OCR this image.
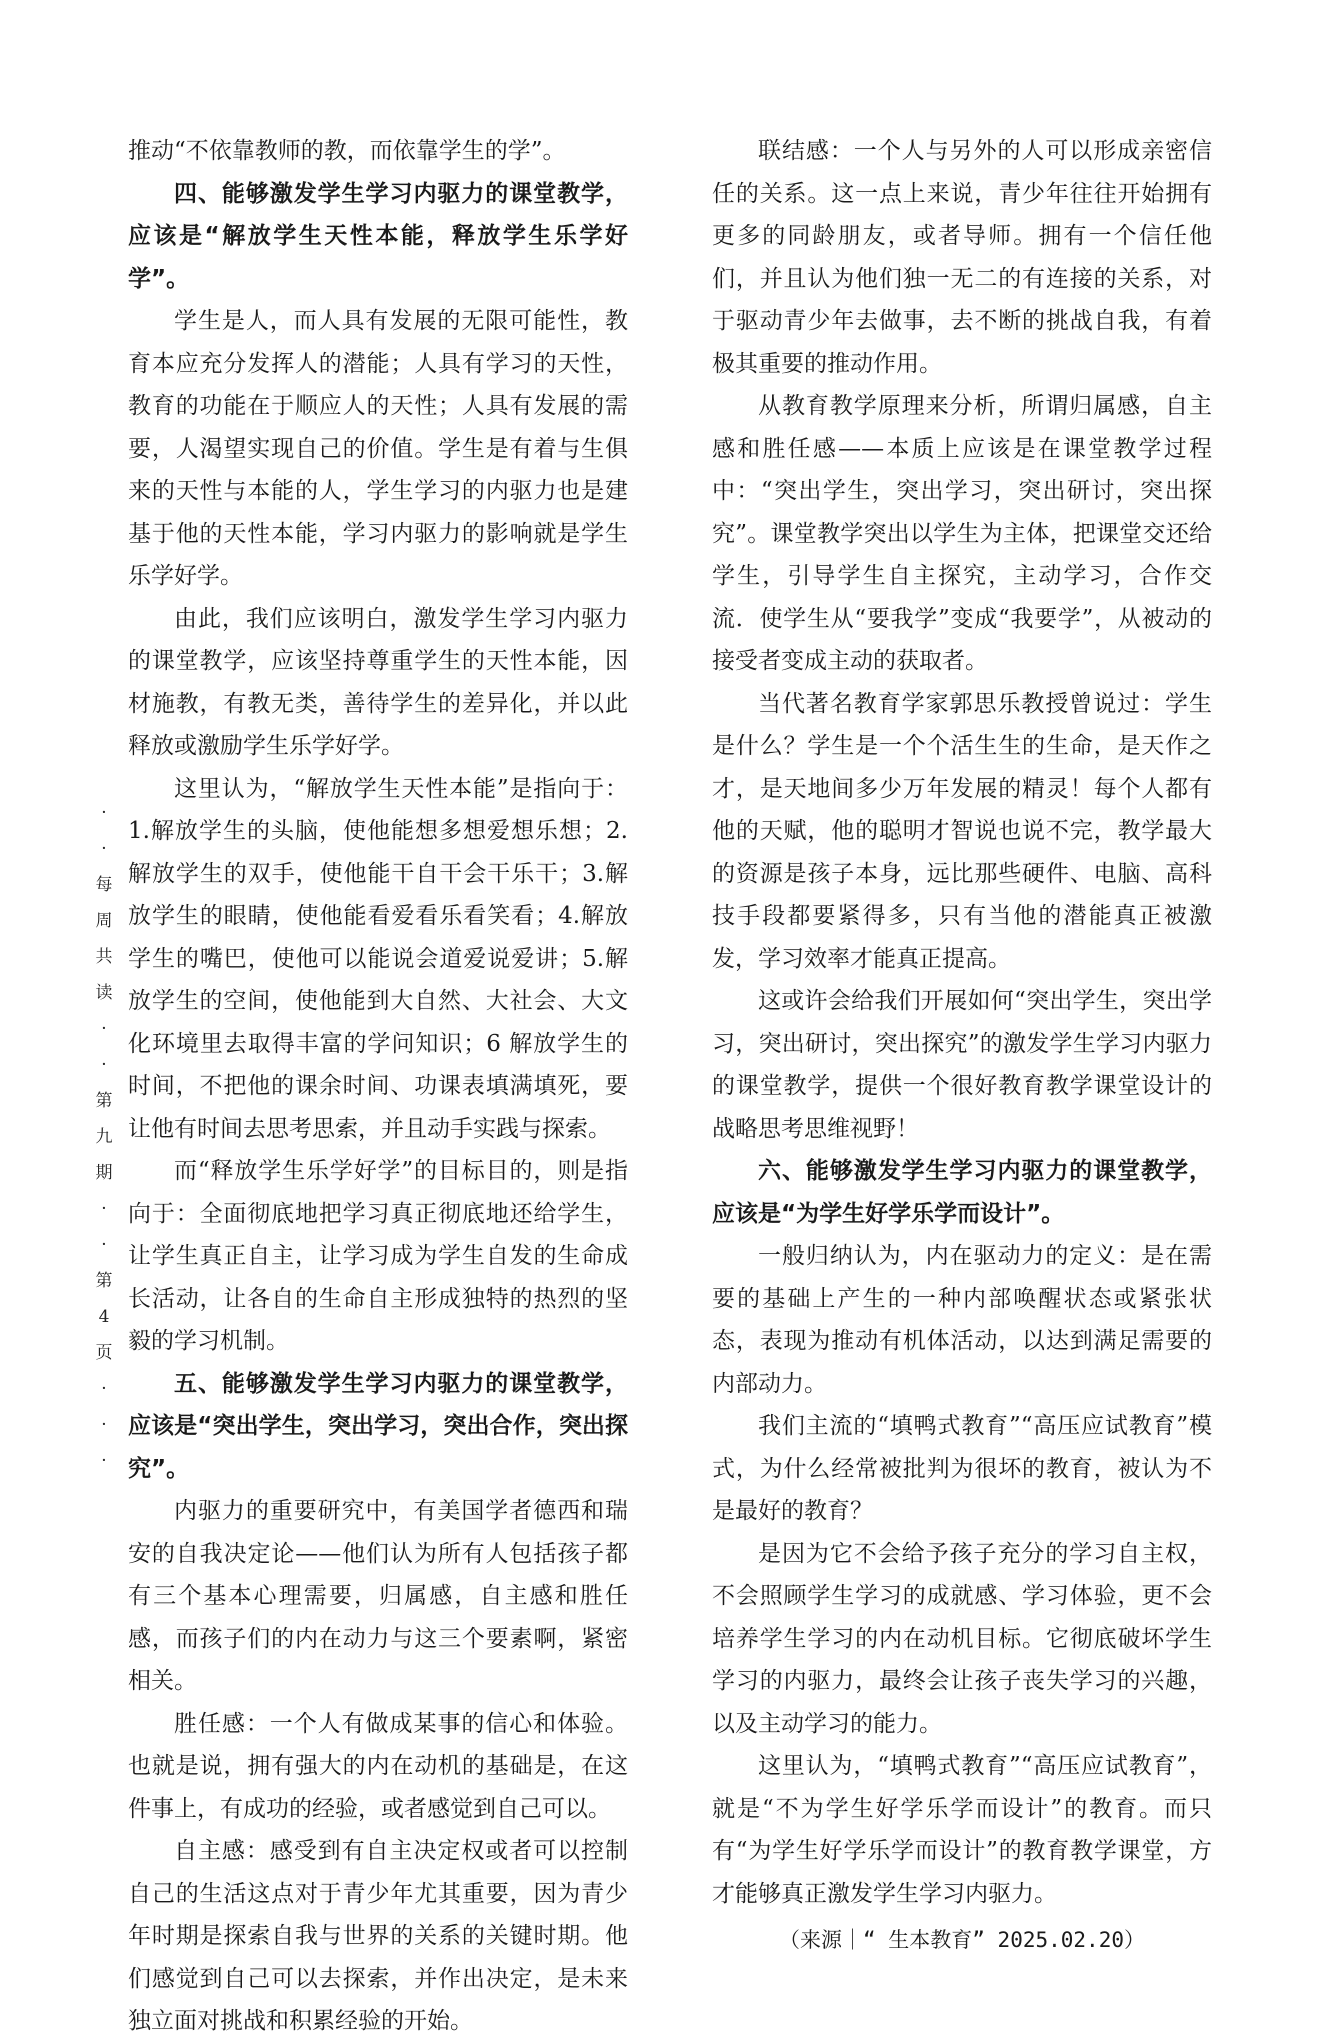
推动“不依靠教师的教，而依靠学生的学”。

四、能够激发学生学习内驱力的课堂教学，应该是“解放学生天性本能，释放学生乐学好学”。

学生是人，而人具有发展的无限可能性，教育本应充分发挥人的潜能；人具有学习的天性，教育的功能在于顺应人的天性；人具有发展的需要，人渴望实现自己的价值。学生是有着与生俱来的天性与本能的人，学生学习的内驱力也是建基于他的天性本能，学习内驱力的影响就是学生乐学好学。

由此，我们应该明白，激发学生学习内驱力的课堂教学，应该坚持尊重学生的天性本能，因材施教，有教无类，善待学生的差异化，并以此释放或激励学生乐学好学。

这里认为，“解放学生天性本能”是指向于：1.解放学生的头脑，使他能想多想爱想乐想；2.解放学生的双手，使他能干自干会干乐干；3.解放学生的眼睛，使他能看爱看乐看笑看；4.解放学生的嘴巴，使他可以能说会道爱说爱讲；5.解放学生的空间，使他能到大自然、大社会、大文化环境里去取得丰富的学问知识；6 解放学生的时间，不把他的课余时间、功课表填满填死，要让他有时间去思考思索，并且动手实践与探索。

而“释放学生乐学好学”的目标目的，则是指向于：全面彻底地把学习真正彻底地还给学生，让学生真正自主，让学习成为学生自发的生命成长活动，让各自的生命自主形成独特的热烈的坚毅的学习机制。

五、能够激发学生学习内驱力的课堂教学，应该是“突出学生，突出学习，突出合作，突出探究”。

内驱力的重要研究中，有美国学者德西和瑞安的自我决定论——他们认为所有人包括孩子都有三个基本心理需要，归属感，自主感和胜任感，而孩子们的内在动力与这三个要素啊，紧密相关。

胜任感：一个人有做成某事的信心和体验。也就是说，拥有强大的内在动机的基础是，在这件事上，有成功的经验，或者感觉到自己可以。

自主感：感受到有自主决定权或者可以控制自己的生活这点对于青少年尤其重要，因为青少年时期是探索自我与世界的关系的关键时期。他们感觉到自己可以去探索，并作出决定，是未来独立面对挑战和积累经验的开始。

联结感：一个人与另外的人可以形成亲密信任的关系。这一点上来说，青少年往往开始拥有更多的同龄朋友，或者导师。拥有一个信任他们，并且认为他们独一无二的有连接的关系，对于驱动青少年去做事，去不断的挑战自我，有着极其重要的推动作用。

从教育教学原理来分析，所谓归属感，自主感和胜任感——本质上应该是在课堂教学过程中：“突出学生，突出学习，突出研讨，突出探究”。课堂教学突出以学生为主体，把课堂交还给学生，引导学生自主探究，主动学习，合作交流．使学生从“要我学”变成“我要学”，从被动的接受者变成主动的获取者。

当代著名教育学家郭思乐教授曾说过：学生是什么？学生是一个个活生生的生命，是天作之才，是天地间多少万年发展的精灵！每个人都有他的天赋，他的聪明才智说也说不完，教学最大的资源是孩子本身，远比那些硬件、电脑、高科技手段都要紧得多，只有当他的潜能真正被激发，学习效率才能真正提高。

这或许会给我们开展如何“突出学生，突出学习，突出研讨，突出探究”的激发学生学习内驱力的课堂教学，提供一个很好教育教学课堂设计的战略思考思维视野！

六、能够激发学生学习内驱力的课堂教学，应该是“为学生好学乐学而设计”。

一般归纳认为，内在驱动力的定义：是在需要的基础上产生的一种内部唤醒状态或紧张状态，表现为推动有机体活动，以达到满足需要的内部动力。

我们主流的“填鸭式教育”“高压应试教育”模式，为什么经常被批判为很坏的教育，被认为不是最好的教育？

是因为它不会给予孩子充分的学习自主权，不会照顾学生学习的成就感、学习体验，更不会培养学生学习的内在动机目标。它彻底破坏学生学习的内驱力，最终会让孩子丧失学习的兴趣，以及主动学习的能力。

这里认为，“填鸭式教育”“高压应试教育”，就是“不为学生好学乐学而设计”的教育。而只有“为学生好学乐学而设计”的教育教学课堂，方才能够真正激发学生学习内驱力。

（来源｜“ 生本教育” 2025.02.20）

·
·
每
周
共
读
·
·
第
九
期
·
·
第
4
页
·
·
·
